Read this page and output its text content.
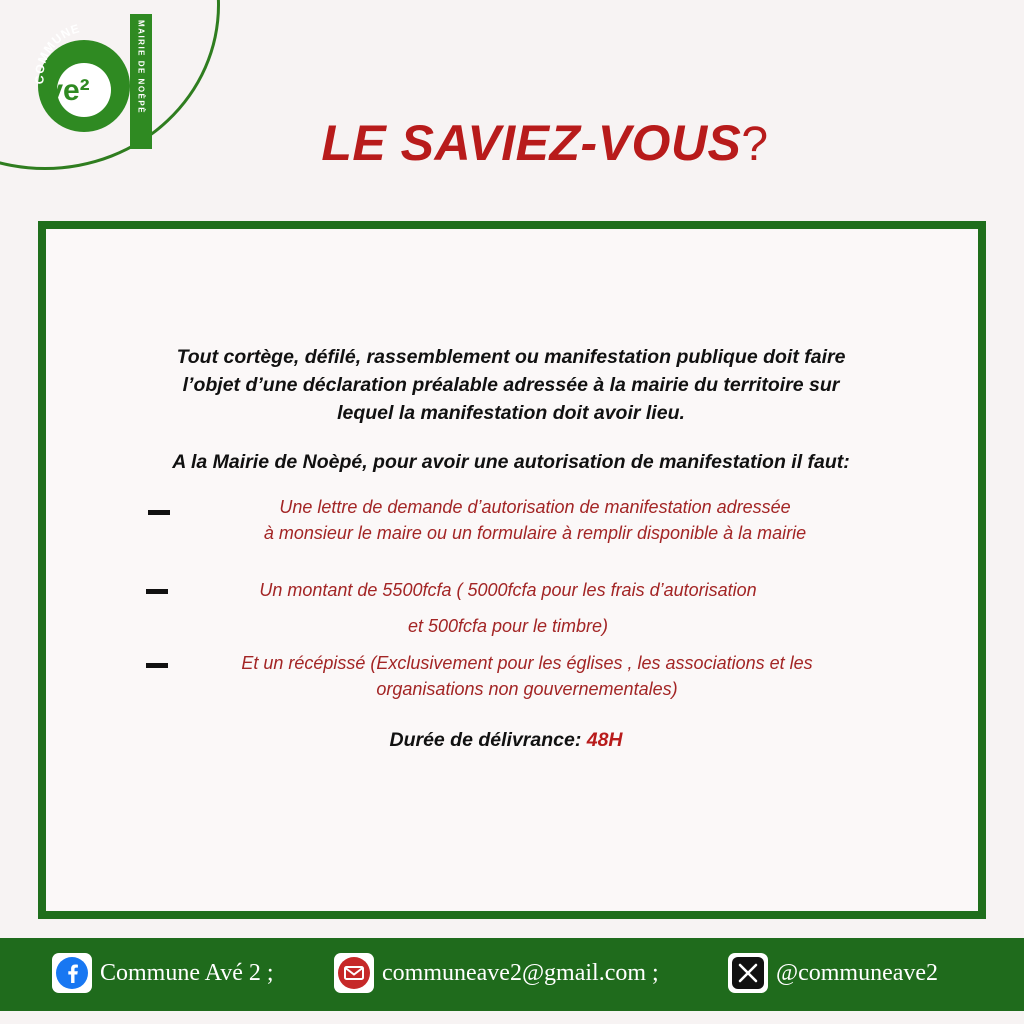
COMMUNE
ve²	MAIRIE DE NOÈPÈ
LE SAVIEZ-VOUS?

Tout cortège, défilé, rassemblement ou manifestation publique doit faire
l’objet d’une déclaration préalable adressée à la mairie du territoire sur
lequel la manifestation doit avoir lieu.

A la Mairie de Noèpé, pour avoir une autorisation de manifestation il faut:

Une lettre de demande d’autorisation de manifestation adressée
à monsieur le maire ou un formulaire à remplir disponible à la mairie

Un montant de 5500fcfa ( 5000fcfa pour les frais d’autorisation
et 500fcfa pour le timbre)

Et un récépissé (Exclusivement pour les églises , les associations et les
organisations non gouvernementales)

Durée de délivrance: 48H

Commune Avé 2 ;	communeave2@gmail.com ;	@communeave2
